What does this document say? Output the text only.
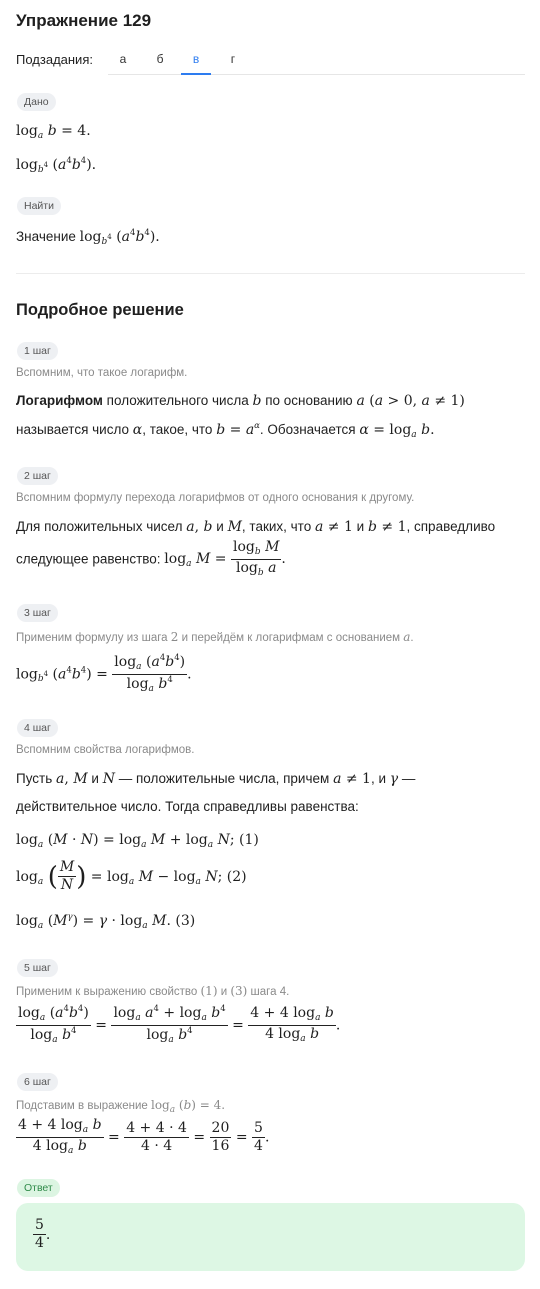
Упражнение 129
Подзадания:	а	б	в	г
Дано
$\log_a b = 4$.
$\log_{b^4} (a^4b^4)$.
Найти
Значение $\log_{b^4} (a^4b^4)$.
Подробное решение
1 шаг
Вспомним, что такое логарифм.
Логарифмом положительного числа b по основанию a (a > 0, a ≠ 1)
называется число α, такое, что $b = a^\alpha$. Обозначается $\alpha = \log_a b$.
2 шаг
Вспомним формулу перехода логарифмов от одного основания к другому.
Для положительных чисел a, b и M, таких, что a ≠ 1 и b ≠ 1, справедливо
следующее равенство: $\log_a M = \frac{\log_b M}{\log_b a}$ .
3 шаг
Применим формулу из шага 2 и перейдём к логарифмам с основанием a.
$\log_{b^4} (a^4b^4) = \frac{\log_a (a^4b^4)}{\log_a b^4}$ .
4 шаг
Вспомним свойства логарифмов.
Пусть a, M и N — положительные числа, причем a ≠ 1, и γ —
действительное число. Тогда справедливы равенства:
$\log_a (M \cdot N) = \log_a M + \log_a N$; (1)
$\log_a$ ( $\frac{M}{N}$ ) = $\log_a M - \log_a N$; (2)
$\log_a (M^\gamma) = \gamma \cdot \log_a M$. (3)
5 шаг
Применим к выражению свойство (1) и (3) шага 4.
$\frac{\log_a (a^4b^4)}{\log_a b^4} = \frac{\log_a a^4 + \log_a b^4}{\log_a b^4} = \frac{4 + 4 \log_a b}{4 \log_a b}$ .
6 шаг
Подставим в выражение $\log_a (b) = 4$.
$\frac{4 + 4 \log_a b}{4 \log_a b} = \frac{4 + 4 \cdot 4}{4 \cdot 4} = \frac{20}{16} = \frac{5}{4}$ .
Ответ
$\frac{5}{4}$ .
